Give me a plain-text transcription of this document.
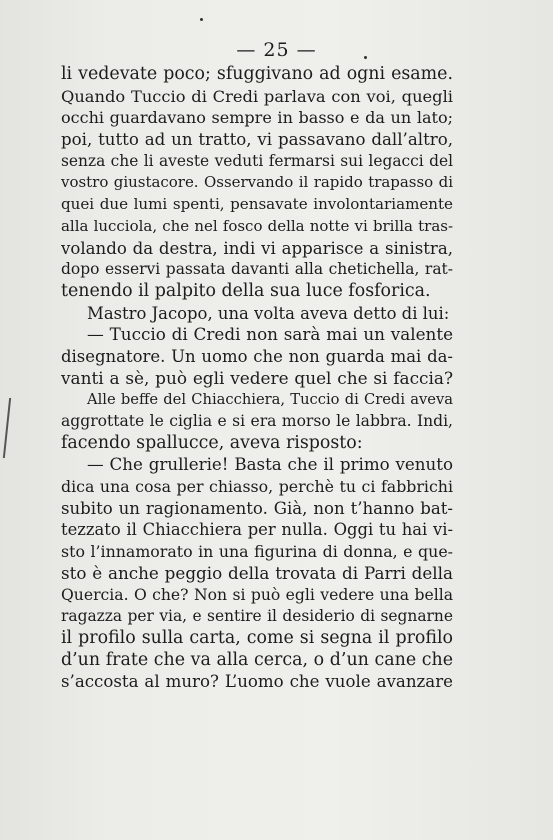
— 25 —
li vedevate poco; sfuggivano ad ogni esame.
Quando Tuccio di Credi parlava con voi, quegli
occhi guardavano sempre in basso e da un lato;
poi, tutto ad un tratto, vi passavano dall’altro,
senza che li aveste veduti fermarsi sui legacci del
vostro giustacore. Osservando il rapido trapasso di
quei due lumi spenti, pensavate involontariamente
alla lucciola, che nel fosco della notte vi brilla tras-
volando da destra, indi vi apparisce a sinistra,
dopo esservi passata davanti alla chetichella, rat-
tenendo il palpito della sua luce fosforica.
Mastro Jacopo, una volta aveva detto di lui:
— Tuccio di Credi non sarà mai un valente
disegnatore. Un uomo che non guarda mai da-
vanti a sè, può egli vedere quel che si faccia?
Alle beffe del Chiacchiera, Tuccio di Credi aveva
aggrottate le ciglia e si era morso le labbra. Indi,
facendo spallucce, aveva risposto:
— Che grullerie! Basta che il primo venuto
dica una cosa per chiasso, perchè tu ci fabbrichi
subito un ragionamento. Già, non t’hanno bat-
tezzato il Chiacchiera per nulla. Oggi tu hai vi-
sto l’innamorato in una figurina di donna, e que-
sto è anche peggio della trovata di Parri della
Quercia. O che? Non si può egli vedere una bella
ragazza per via, e sentire il desiderio di segnarne
il profilo sulla carta, come si segna il profilo
d’un frate che va alla cerca, o d’un cane che
s’accosta al muro? L’uomo che vuole avanzare
